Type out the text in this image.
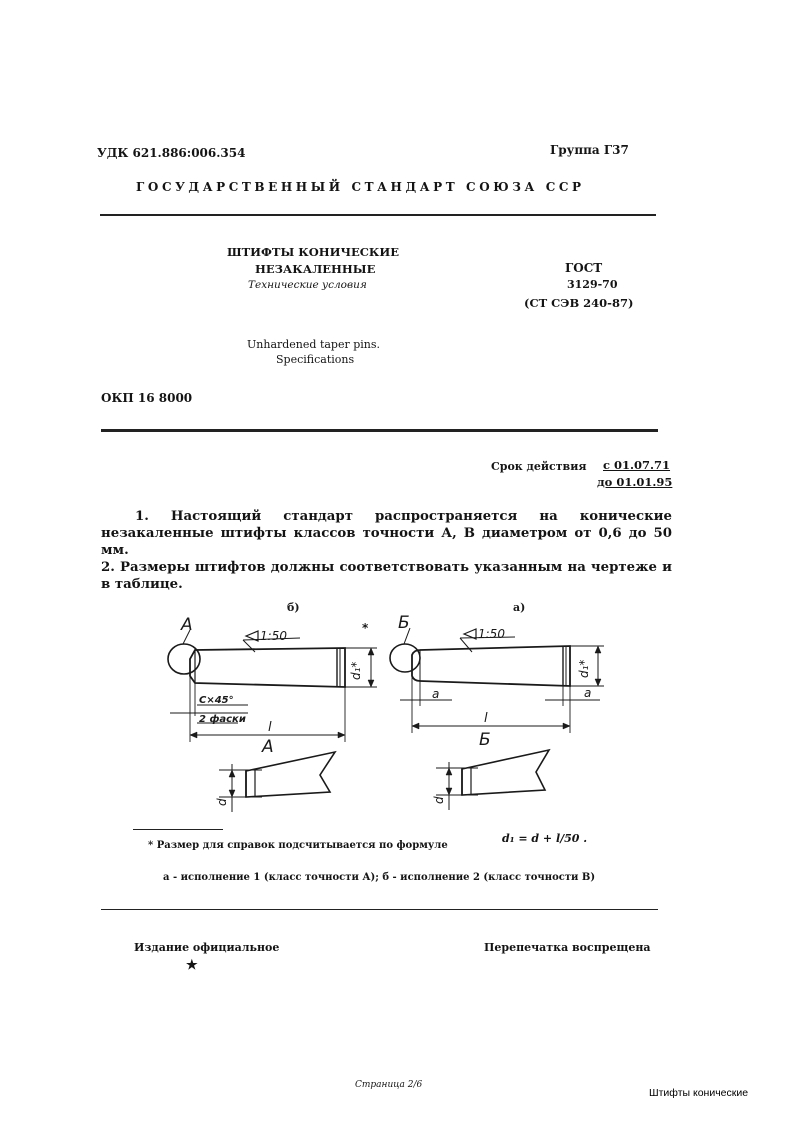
УДК 621.886:006.354	Группа Г37
ГОСУДАРСТВЕННЫЙ СТАНДАРТ СОЮЗА ССР
ШТИФТЫ КОНИЧЕСКИЕ
НЕЗАКАЛЕННЫЕ
Технические условия
ГОСТ
3129-70
(СТ СЭВ 240-87)
Unhardened taper pins.
Specifications
ОКП 16 8000
Срок действия с 01.07.71
до 01.01.95
1. Настоящий стандарт распространяется на конические незакаленные штифты классов точности А, В диаметром от 0,6 до 50 мм.
2. Размеры штифтов должны соответствовать указанным на чертеже и в таблице.
б)
А
1:50
d₁*
C×45°
2 фаски
l
А
d
а)
Б
1:50
d₁*
a	a
l
Б
d
*
* Размер для справок подсчитывается по формуле
d₁ = d + l/50 .
а - исполнение 1 (класс точности А); б - исполнение 2 (класс точности В)
Издание официальное	Перепечатка воспрещена
★
Страница 2/6
Штифты конические
